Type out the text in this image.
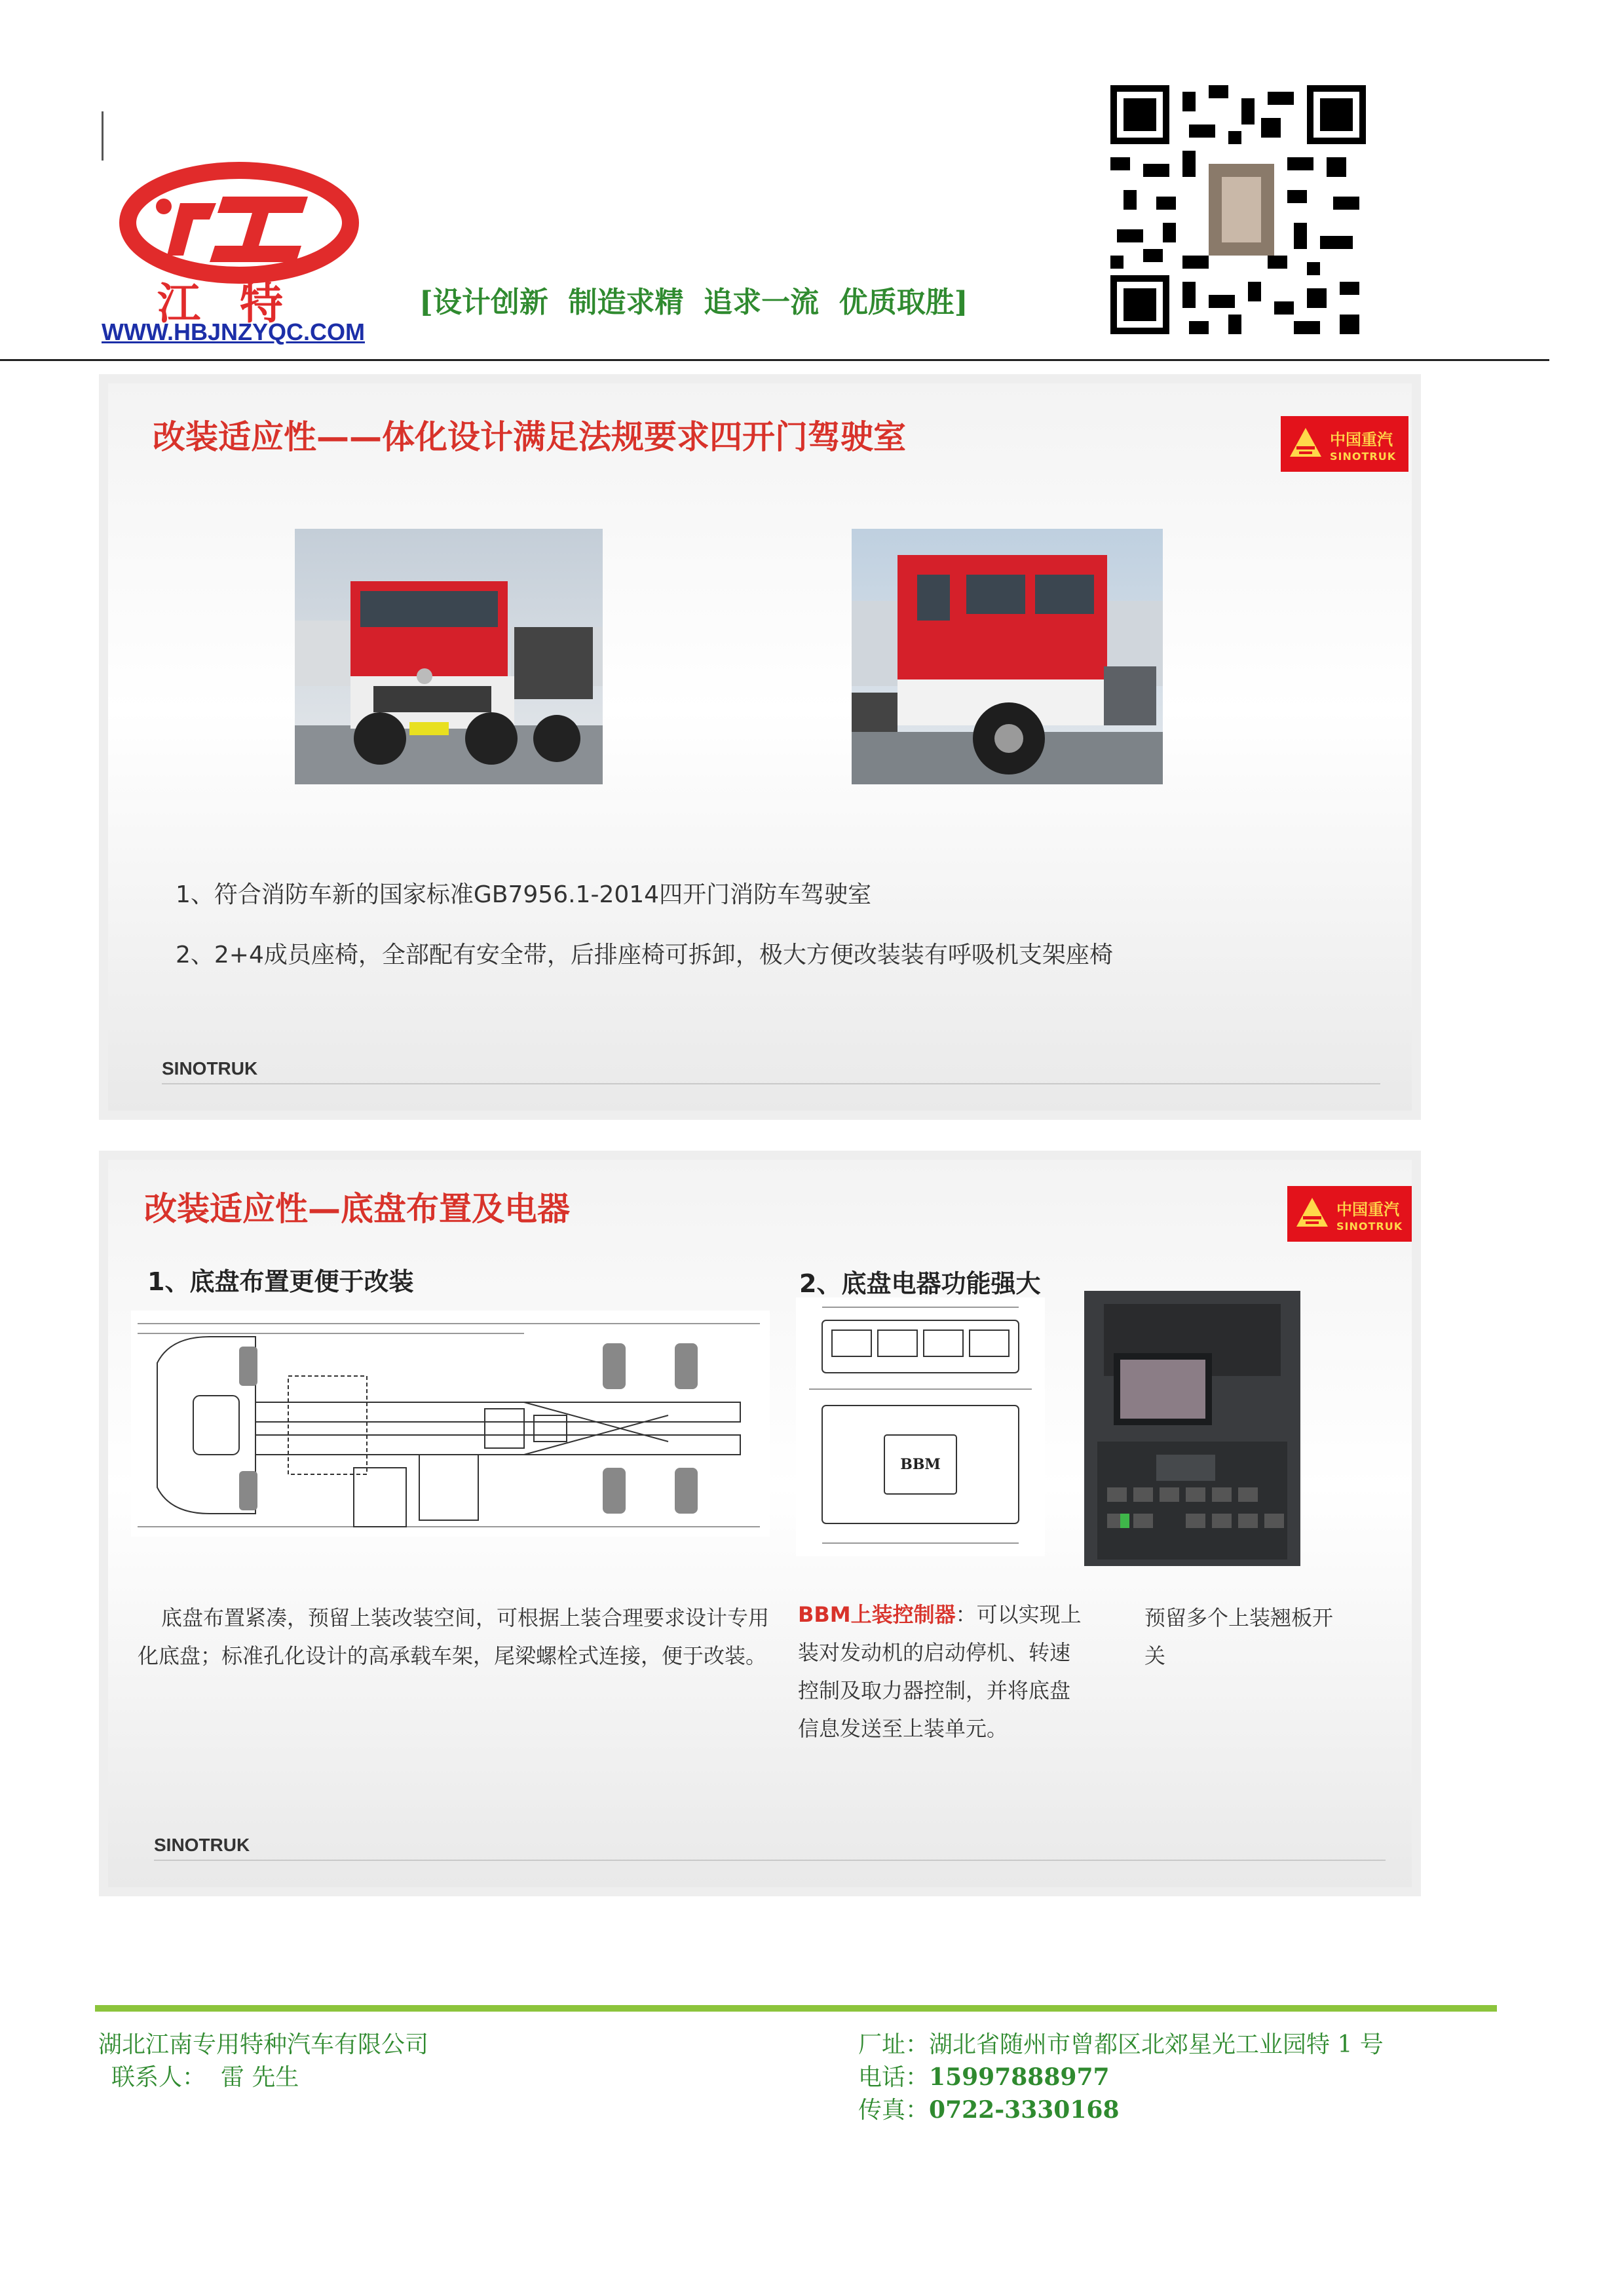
江特
WWW.HBJNZYQC.COM
[设计创新  制造求精  追求一流  优质取胜]
改装适应性——体化设计满足法规要求四开门驾驶室	中国重汽
SINOTRUK
1、符合消防车新的国家标准GB7956.1-2014四开门消防车驾驶室
2、2+4成员座椅，全部配有安全带，后排座椅可拆卸，极大方便改装装有呼吸机支架座椅
SINOTRUK
改装适应性—底盘布置及电器	中国重汽
SINOTRUK
1、底盘布置更便于改装	2、底盘电器功能强大
BBM
底盘布置紧凑，预留上装改装空间，可根据上装合理要求设计专用化底盘；标准孔化设计的高承载车架，尾梁螺栓式连接，便于改装。
BBM上装控制器：可以实现上装对发动机的启动停机、转速控制及取力器控制，并将底盘信息发送至上装单元。
预留多个上装翘板开关
SINOTRUK
湖北江南专用特种汽车有限公司
联系人：  雷 先生
厂址：湖北省随州市曾都区北郊星光工业园特 1 号
电话：15997888977
传真：0722-3330168
